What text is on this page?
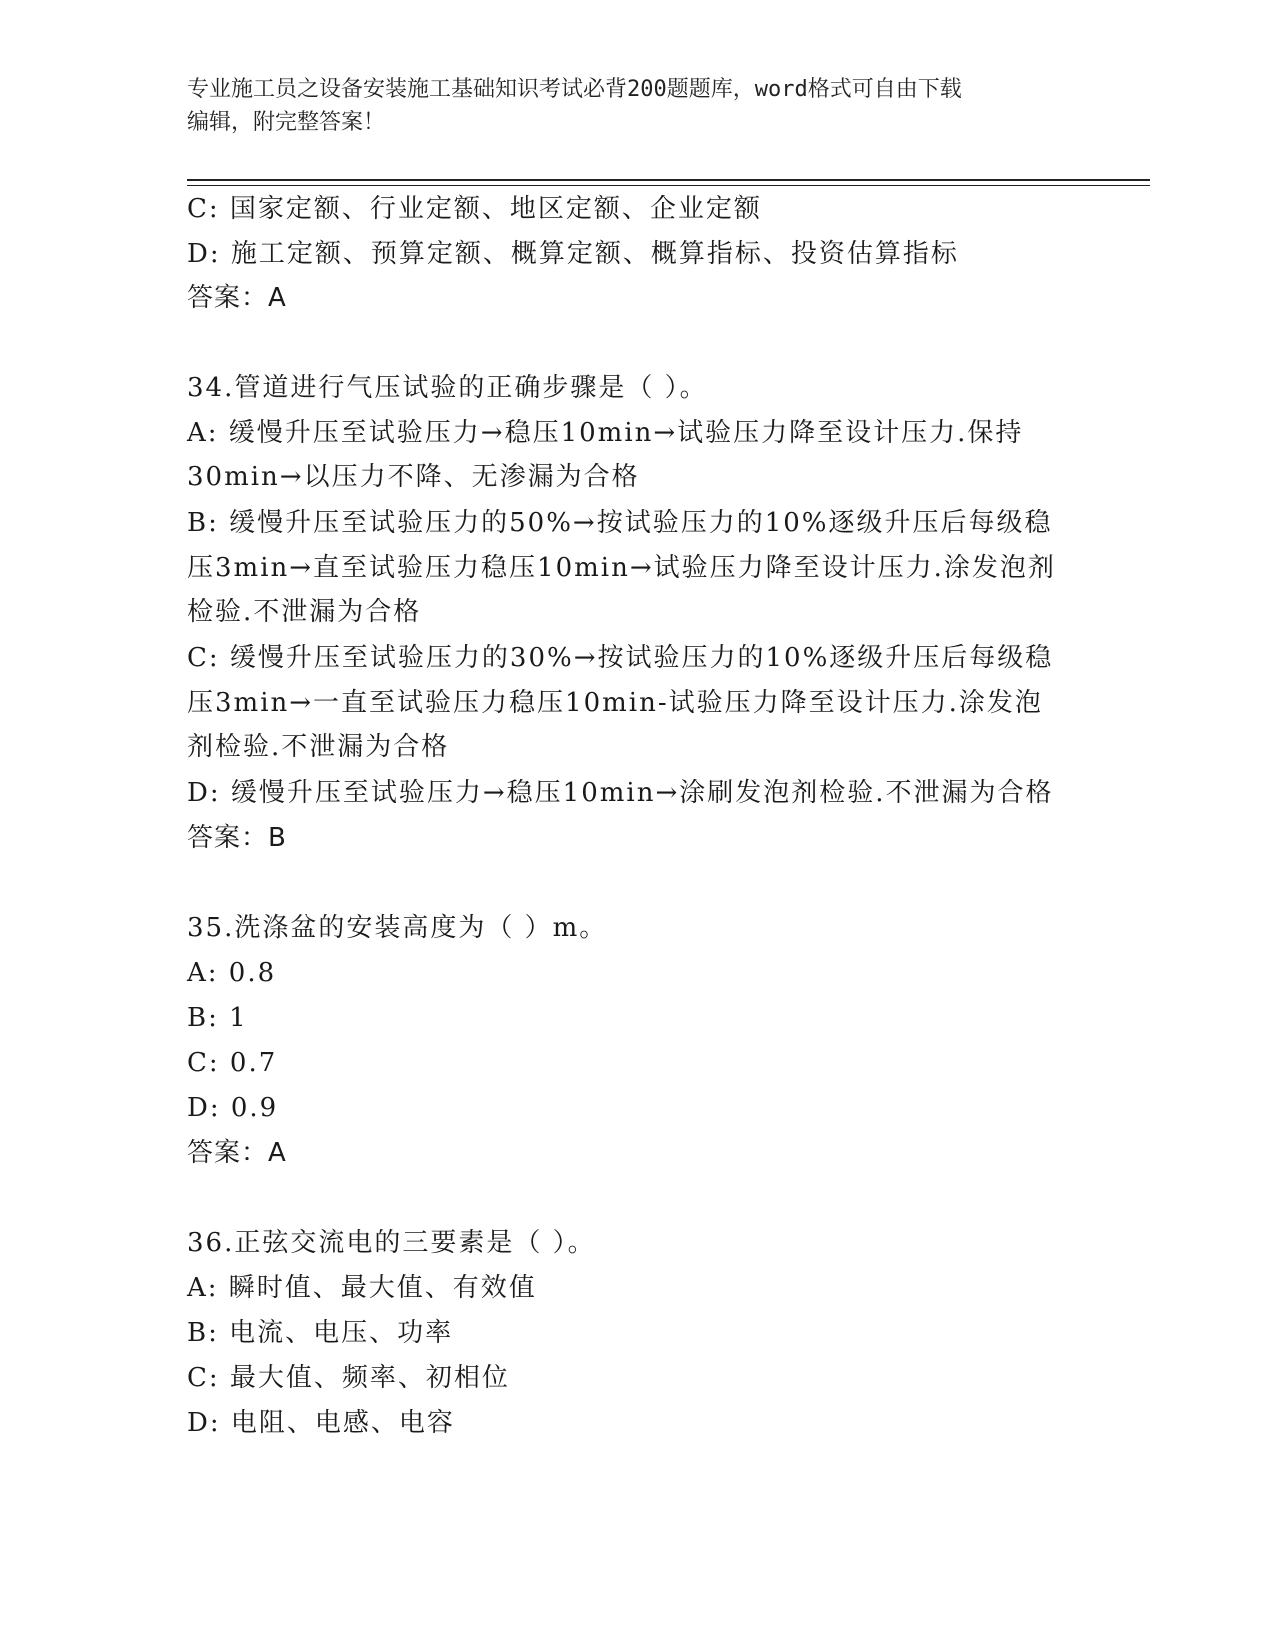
专业施工员之设备安装施工基础知识考试必背200题题库，word格式可自由下载
编辑，附完整答案！
C: 国家定额、行业定额、地区定额、企业定额
D: 施工定额、预算定额、概算定额、概算指标、投资估算指标
答案：A
34.管道进行气压试验的正确步骤是（ ）。
A: 缓慢升压至试验压力→稳压10min→试验压力降至设计压力.保持
30min→以压力不降、无渗漏为合格
B: 缓慢升压至试验压力的50%→按试验压力的10%逐级升压后每级稳
压3min→直至试验压力稳压10min→试验压力降至设计压力.涂发泡剂
检验.不泄漏为合格
C: 缓慢升压至试验压力的30%→按试验压力的10%逐级升压后每级稳
压3min→一直至试验压力稳压10min-试验压力降至设计压力.涂发泡
剂检验.不泄漏为合格
D: 缓慢升压至试验压力→稳压10min→涂刷发泡剂检验.不泄漏为合格
答案：B
35.洗涤盆的安装高度为（ ）m。
A: 0.8
B: 1
C: 0.7
D: 0.9
答案：A
36.正弦交流电的三要素是（ ）。
A: 瞬时值、最大值、有效值
B: 电流、电压、功率
C: 最大值、频率、初相位
D: 电阻、电感、电容
